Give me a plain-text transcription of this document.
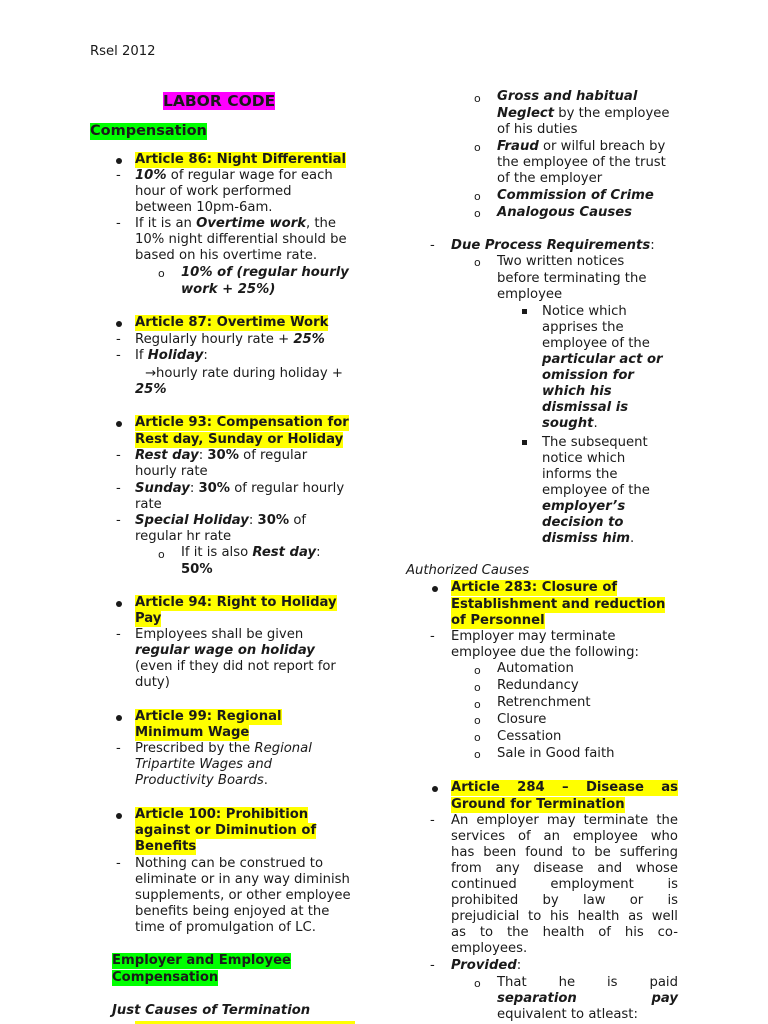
Rsel 2012
LABOR CODE
Compensation
Article 86: Night Differential
- 10% of regular wage for each
hour of work performed
between 10pm-6am.
- If it is an Overtime work, the
10% night differential should be
based on his overtime rate.
o 10% of (regular hourly
work + 25%)
Article 87: Overtime Work
- Regularly hourly rate + 25%
- If Holiday:
→hourly rate during holiday +
25%
Article 93: Compensation for
Rest day, Sunday or Holiday
- Rest day: 30% of regular
hourly rate
- Sunday: 30% of regular hourly
rate
- Special Holiday: 30% of
regular hr rate
o If it is also Rest day:
50%
Article 94: Right to Holiday
Pay
- Employees shall be given
regular wage on holiday
(even if they did not report for
duty)
Article 99: Regional
Minimum Wage
- Prescribed by the Regional
Tripartite Wages and
Productivity Boards.
Article 100: Prohibition
against or Diminution of
Benefits
- Nothing can be construed to
eliminate or in any way diminish
supplements, or other employee
benefits being enjoyed at the
time of promulgation of LC.
Employer and Employee
Compensation
Just Causes of Termination
o Gross and habitual
Neglect by the employee
of his duties
o Fraud or wilful breach by
the employee of the trust
of the employer
o Commission of Crime
o Analogous Causes
- Due Process Requirements:
o Two written notices
before terminating the
employee
Notice which
apprises the
employee of the
particular act or
omission for
which his
dismissal is
sought.
The subsequent
notice which
informs the
employee of the
employer’s
decision to
dismiss him.
Authorized Causes
Article 283: Closure of
Establishment and reduction
of Personnel
- Employer may terminate
employee due the following:
o Automation
o Redundancy
o Retrenchment
o Closure
o Cessation
o Sale in Good faith
Article 284 – Disease as
Ground for Termination
- An employer may terminate the
services of an employee who
has been found to be suffering
from any disease and whose
continued	employment	is
prohibited by law or is
prejudicial to his health as well
as to the health of his co-
employees.
- Provided:
o That he is paid
separation	pay
equivalent to atleast:
